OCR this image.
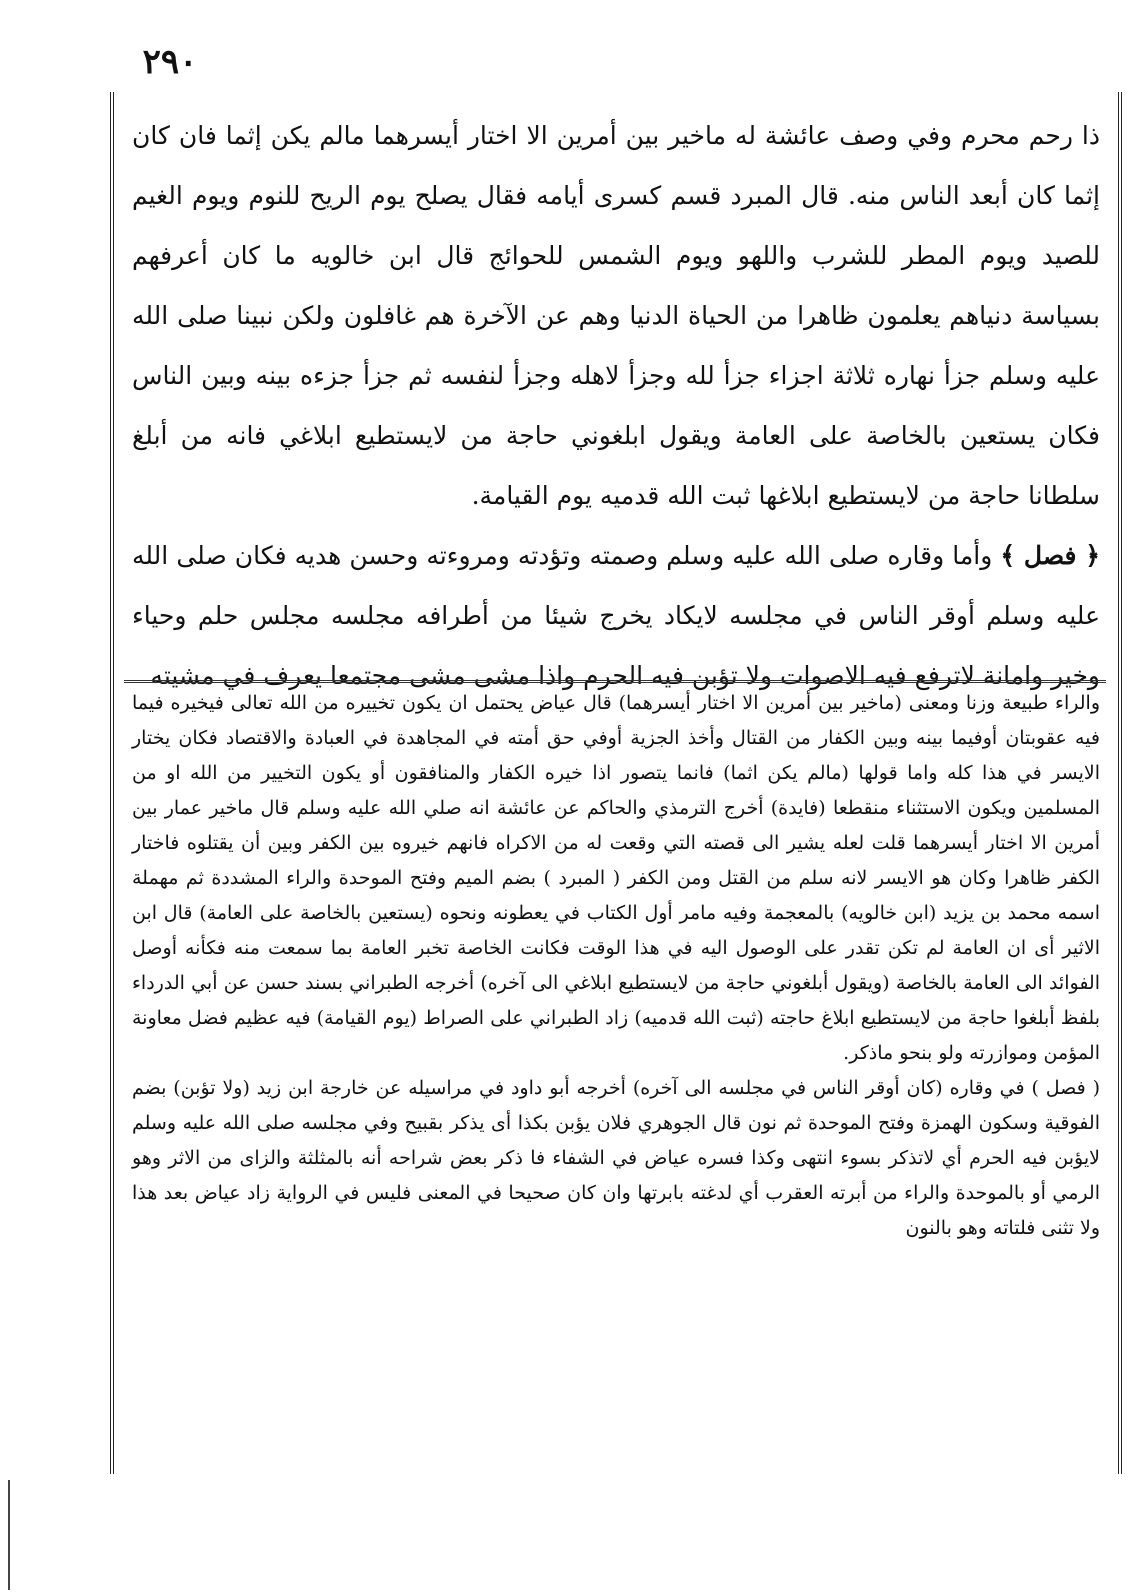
٢٩٠

ذا رحم محرم وفي وصف عائشة له ماخير بين أمرين الا اختار أيسرهما مالم يكن إثما فان كان إثما كان أبعد الناس منه. قال المبرد قسم كسرى أيامه فقال يصلح يوم الريح للنوم ويوم الغيم للصيد ويوم المطر للشرب واللهو ويوم الشمس للحوائج قال ابن خالويه ما كان أعرفهم بسياسة دنياهم يعلمون ظاهرا من الحياة الدنيا وهم عن الآخرة هم غافلون ولكن نبينا صلى الله عليه وسلم جزأ نهاره ثلاثة اجزاء جزأ لله وجزأ لاهله وجزأ لنفسه ثم جزأ جزءه بينه وبين الناس فكان يستعين بالخاصة على العامة ويقول ابلغوني حاجة من لايستطيع ابلاغي فانه من أبلغ سلطانا حاجة من لايستطيع ابلاغها ثبت الله قدميه يوم القيامة.

﴿ فصل ﴾ وأما وقاره صلى الله عليه وسلم وصمته وتؤدته ومروءته وحسن هديه فكان صلى الله عليه وسلم أوقر الناس في مجلسه لايكاد يخرج شيئا من أطرافه مجلسه مجلس حلم وحياء وخير وامانة لاترفع فيه الاصوات ولا تؤبن فيه الحرم واذا مشى مشى مجتمعا يعرف في مشيته

والراء طبيعة وزنا ومعنى (ماخير بين أمرين الا اختار أيسرهما) قال عياض يحتمل ان يكون تخييره من الله تعالى فيخيره فيما فيه عقوبتان أوفيما بينه وبين الكفار من القتال وأخذ الجزية أوفي حق أمته في المجاهدة في العبادة والاقتصاد فكان يختار الايسر في هذا كله واما قولها (مالم يكن اثما) فانما يتصور اذا خيره الكفار والمنافقون أو يكون التخيير من الله او من المسلمين ويكون الاستثناء منقطعا (فايدة) أخرج الترمذي والحاكم عن عائشة انه صلي الله عليه وسلم قال ماخير عمار بين أمرين الا اختار أيسرهما قلت لعله يشير الى قصته التي وقعت له من الاكراه فانهم خيروه بين الكفر وبين أن يقتلوه فاختار الكفر ظاهرا وكان هو الايسر لانه سلم من القتل ومن الكفر ( المبرد ) بضم الميم وفتح الموحدة والراء المشددة ثم مهملة اسمه محمد بن يزيد (ابن خالويه) بالمعجمة وفيه مامر أول الكتاب في يعطونه ونحوه (يستعين بالخاصة على العامة) قال ابن الاثير أى ان العامة لم تكن تقدر على الوصول اليه في هذا الوقت فكانت الخاصة تخبر العامة بما سمعت منه فكأنه أوصل الفوائد الى العامة بالخاصة (ويقول أبلغوني حاجة من لايستطيع ابلاغي الى آخره) أخرجه الطبراني بسند حسن عن أبي الدرداء بلفظ أبلغوا حاجة من لايستطيع ابلاغ حاجته (ثبت الله قدميه) زاد الطبراني على الصراط (يوم القيامة) فيه عظيم فضل معاونة المؤمن وموازرته ولو بنحو ماذكر.

( فصل ) في وقاره (كان أوقر الناس في مجلسه الى آخره) أخرجه أبو داود في مراسيله عن خارجة ابن زيد (ولا تؤبن) بضم الفوقية وسكون الهمزة وفتح الموحدة ثم نون قال الجوهري فلان يؤبن بكذا أى يذكر بقبيح وفي مجلسه صلى الله عليه وسلم لايؤبن فيه الحرم أي لاتذكر بسوء انتهى وكذا فسره عياض في الشفاء فا ذكر بعض شراحه أنه بالمثلثة والزاى من الاثر وهو الرمي أو بالموحدة والراء من أبرته العقرب أي لدغته بابرتها وان كان صحيحا في المعنى فليس في الرواية زاد عياض بعد هذا ولا تثنى فلتاته وهو بالنون
